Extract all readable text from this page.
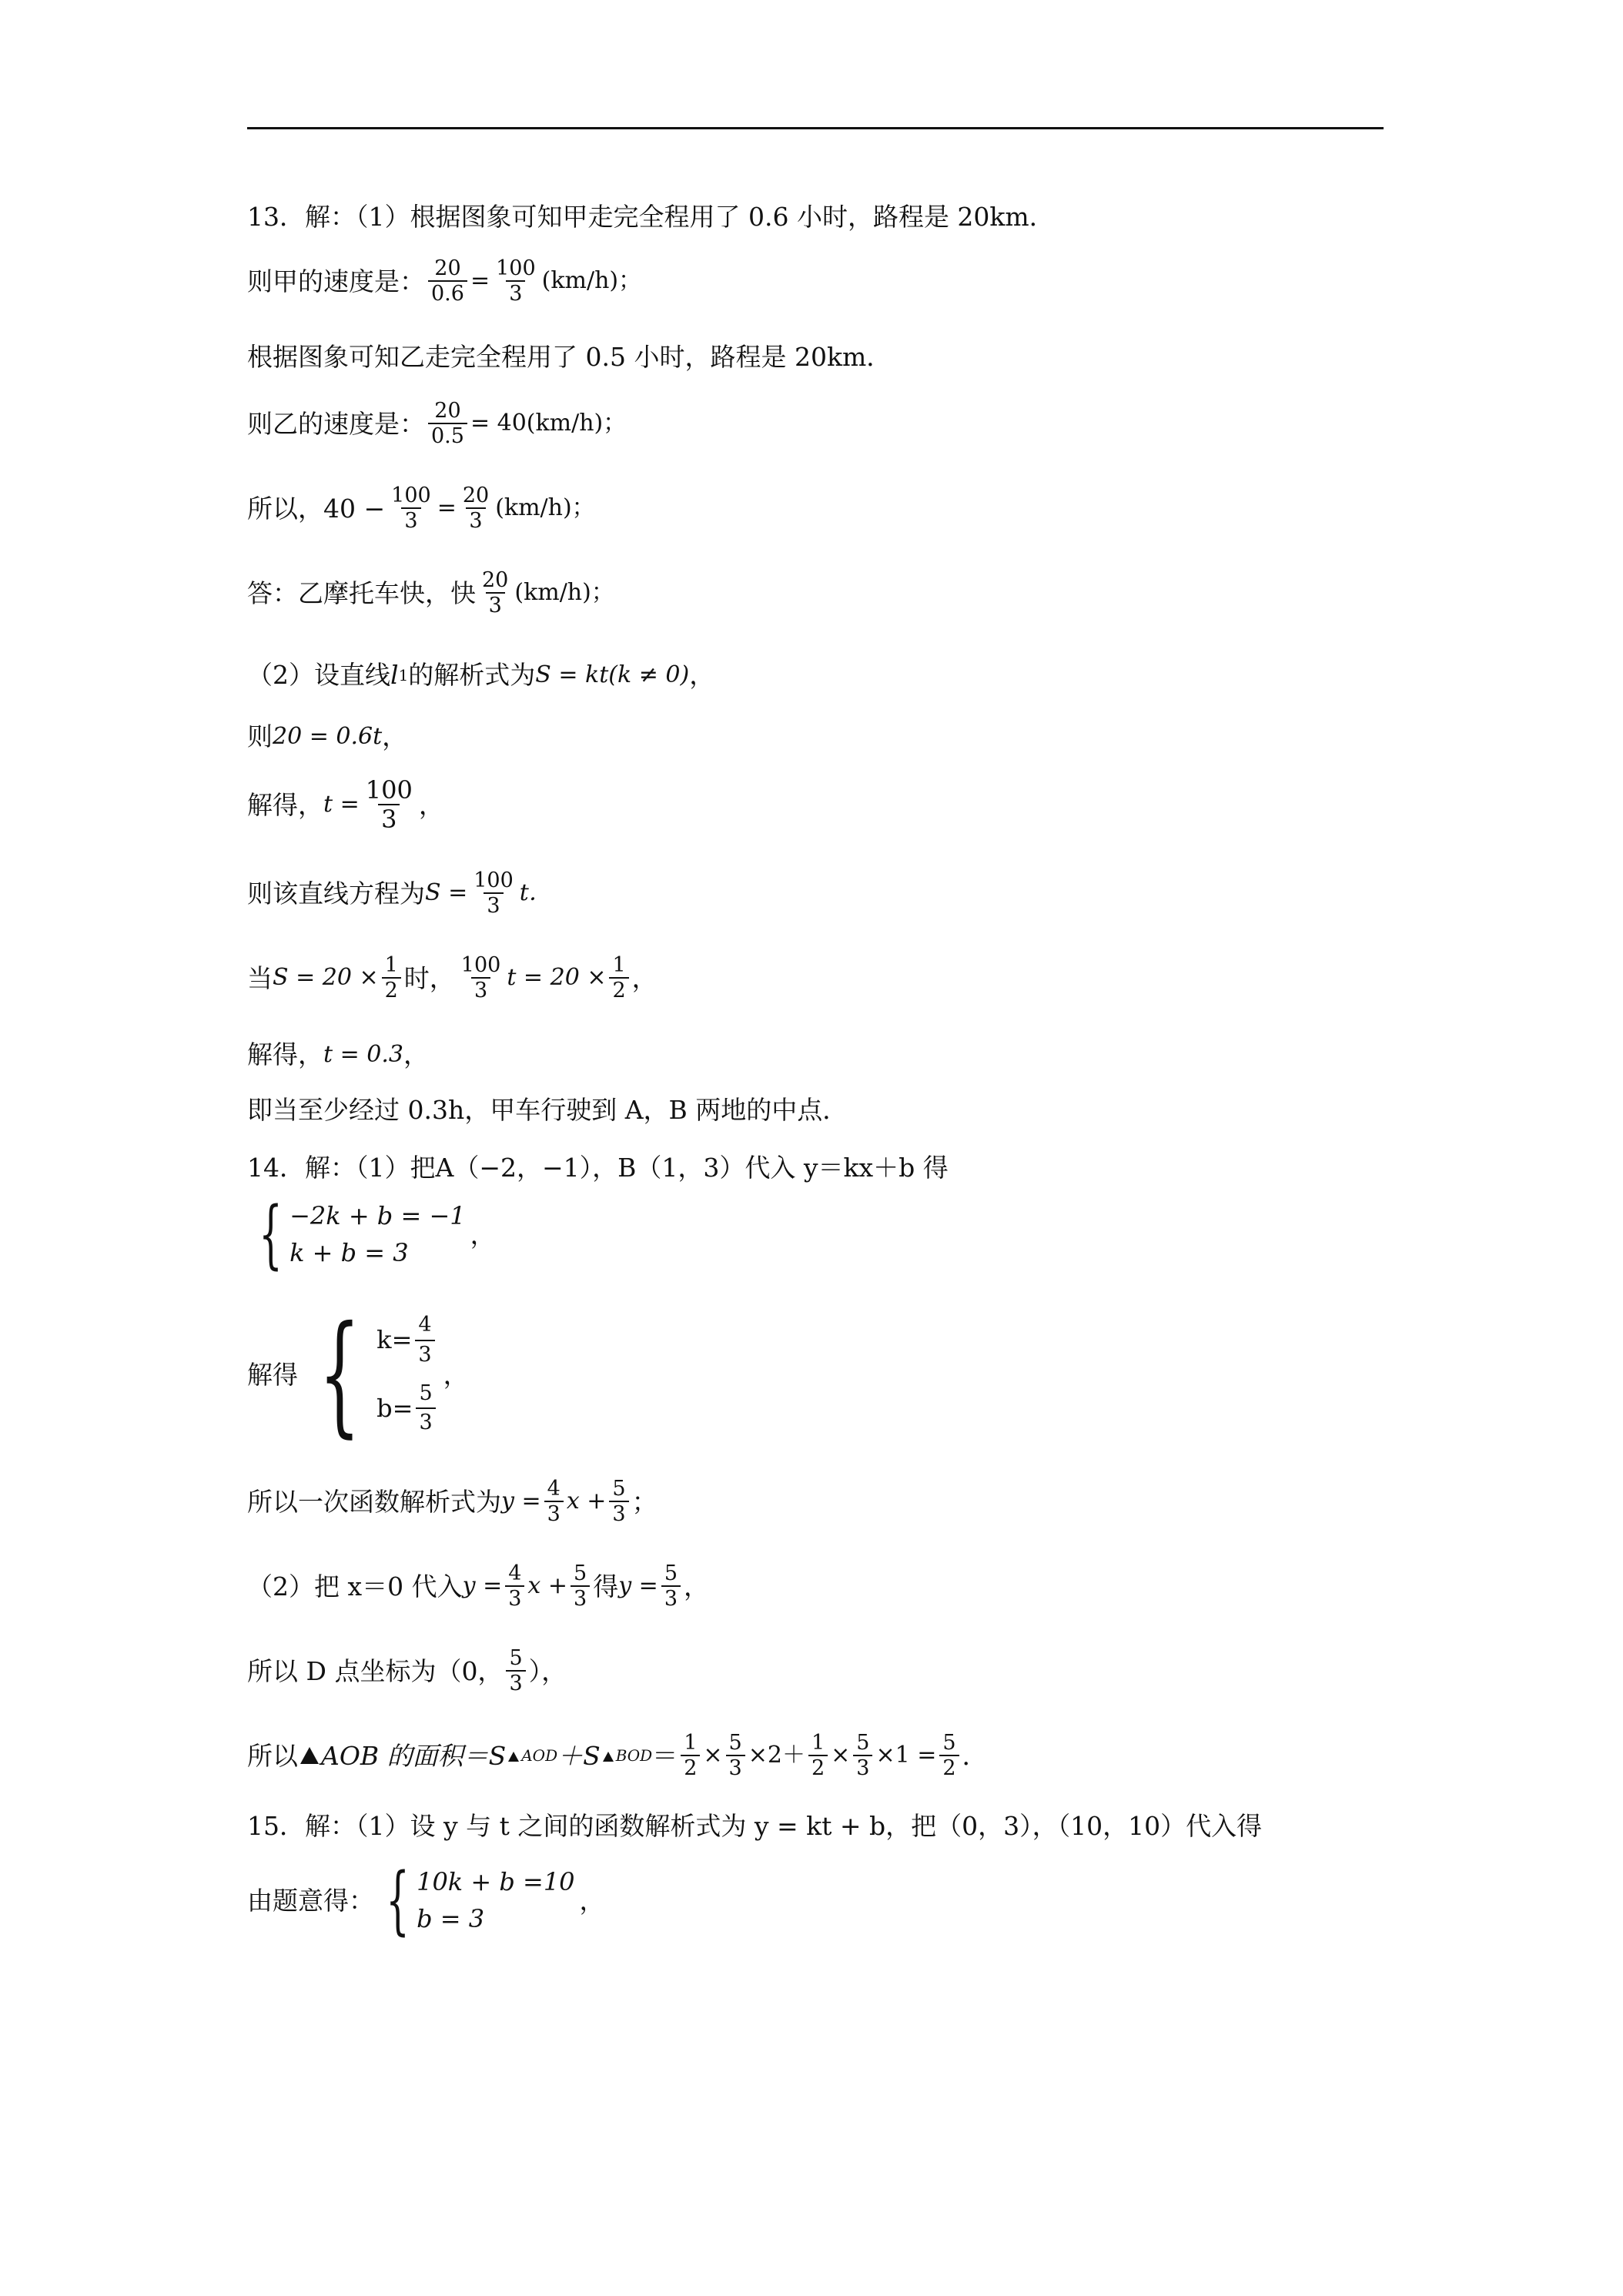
13．解：（1）根据图象可知甲走完全程用了 0.6 小时，路程是 20km．
则甲的速度是： $\frac{20}{0.6} = \frac{100}{3} (km/h)$；
根据图象可知乙走完全程用了 0.5 小时，路程是 20km．
则乙的速度是： $\frac{20}{0.5} = 40(km/h)$；
所以，$40 - \frac{100}{3} = \frac{20}{3} (km/h)$；
答：乙摩托车快，快 $\frac{20}{3} (km/h)$；
（2）设直线 l 1 的解析式为 S = kt(k ≠ 0) ，
则 20 = 0.6t ，
解得， $t = \frac{100}{3}$ ，
则该直线方程为 $S = \frac{100}{3}$ t．
当 $S = 20 \times \frac{1}{2}$ 时， $\frac{100}{3}$ $t = 20 \times \frac{1}{2}$ ，
解得， t = 0.3 ，
即当至少经过 0.3h，甲车行驶到 A，B 两地的中点．
14．解：（1）把 A（−2，−1），B（1，3）代入 y＝kx＋b 得
{ −2k + b = −1
k + b = 3
，
解得 { $k= \frac{4}{3}$
$b= \frac{5}{3}$
，
所以一次函数解析式为 $y = \frac{4}{3}$ $x + \frac{5}{3}$ ；
（2）把 x＝0 代入 $y = \frac{4}{3}$ $x + \frac{5}{3}$ 得 $y = \frac{5}{3}$ ，
所以 D 点坐标为（0， $\frac{5}{3}$ ），
所以 AOB 的面积＝S	AOD ＋S	BOD ＝ $\frac{1}{2} \times \frac{5}{3} \times 2+ \frac{1}{2} \times \frac{5}{3} \times 1 = \frac{5}{2}$ ．
15．解：（1）设 y 与 t 之间的函数解析式为 y = kt + b，把（0，3），（10，10）代入得
由题意得： { 10k + b =10
b = 3
，
